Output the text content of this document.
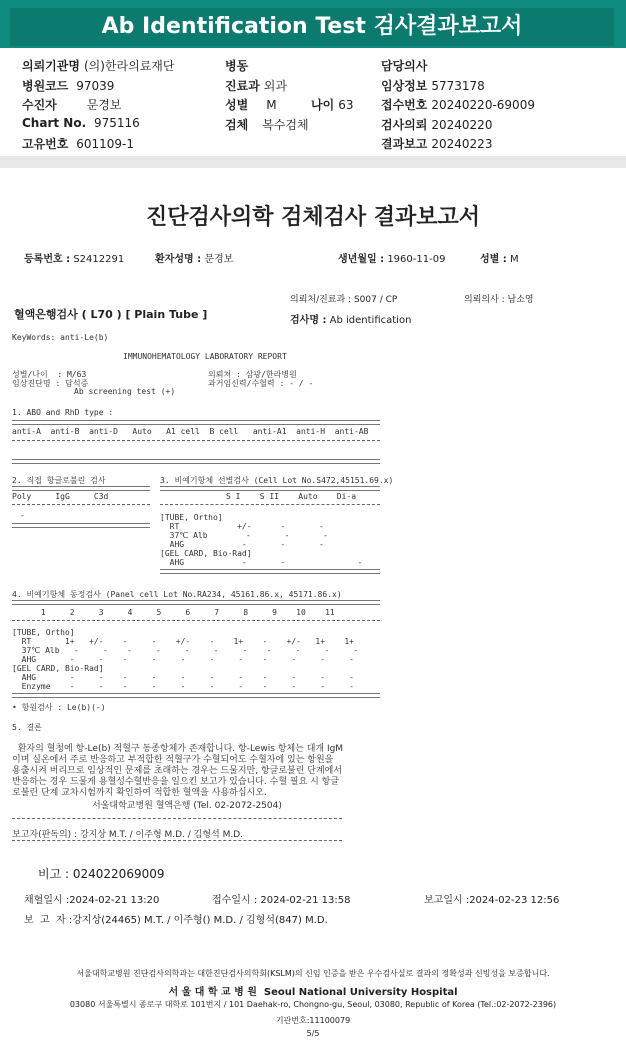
Ab Identification Test 검사결과보고서
의뢰기관명 (의)한라의료재단
병원코드 97039
수진자 문경보
Chart No. 975116
고유번호 601109-1
병동
진료과 외과
성별 M	나이 63
검체 복수검체
담당의사
임상정보 5773178
접수번호 20240220-69009
검사의뢰 20240220
결과보고 20240223
진단검사의학 검체검사 결과보고서
등록번호 : S2412291	환자성명 : 문경보	생년월일 : 1960-11-09	성별 : M
의뢰처/진료과 : S007 / CP	의뢰의사 : 남소영
혈액은행검사 ( L70 ) [ Plain Tube ]	검사명 : Ab identification
KeyWords: anti-Le(b)
IMMUNOHEMATOLOGY LABORATORY REPORT
성별/나이  : M/63
임상진단명 : 담석증
Ab screening test (+)
의뢰처 : 삼광/한라병원
과거임신력/수혈력 : - / -
1. ABO and RhD type :
anti-A  anti-B  anti-D   Auto   A1 cell  B cell   anti-A1  anti-H  anti-AB
2. 직접 항글로불린 검사
Poly     IgG     C3d
-
3. 비예기항체 선별검사 (Cell Lot No.S472,45151.69.x)
S I    S II    Auto    Di-a
[TUBE, Ortho]
RT            +/-      -       -
37℃ Alb        -       -       -
AHG            -       -       -
[GEL CARD, Bio-Rad]
AHG            -       -               -
4. 비예기항체 동정검사 (Panel cell Lot No.RA234, 45161.86.x, 45171.86.x)
1     2     3     4     5     6     7     8     9    10    11
[TUBE, Ortho]
RT       1+   +/-    -     -    +/-    -    1+    -    +/-   1+    1+
37℃ Alb   -     -    -     -     -     -     -    -     -     -     -
AHG       -     -    -     -     -     -     -    -     -     -     -
[GEL CARD, Bio-Rad]
AHG       -     -    -     -     -     -     -    -     -     -     -
Enzyme    -     -    -     -     -     -     -    -     -     -     -
• 항원검사 : Le(b)(-)
5. 결론
환자의 혈청에 항-Le(b) 적혈구 동종항체가 존재합니다. 항-Lewis 항체는 대개 IgM
이며 실온에서 주로 반응하고 부적합한 적혈구가 수혈되어도 수혈자에 있는 항원을
용출시켜 버리므로 임상적인 문제를 초래하는 경우는 드물지만, 항글로불린 단계에서
반응하는 경우 드물게 용혈성수혈반응을 일으킨 보고가 있습니다. 수혈 필요 시 항글
로불린 단계 교차시험까지 확인하여 적합한 혈액을 사용하십시오.
서울대학교병원 혈액은행 (Tel. 02-2072-2504)
보고자(판독의) : 강지상 M.T. / 이주형 M.D. / 김형석 M.D.
비고 : 024022069009
채혈일시 :2024-02-21 13:20	접수일시 : 2024-02-21 13:58	보고일시 :2024-02-23 12:56
보  고  자 :강지상(24465) M.T. / 이주형() M.D. / 김형석(847) M.D.
서울대학교병원 진단검사의학과는 대한진단검사의학회(KSLM)의 신임 인증을 받은 우수검사실로 결과의 정확성과 신빙성을 보증합니다.
서 울 대 학 교 병 원  Seoul National University Hospital
03080 서울특별시 종로구 대학로 101번지 / 101 Daehak-ro, Chongno-gu, Seoul, 03080, Republic of Korea (Tel.:02-2072-2396)
기관번호:11100079
5/5
